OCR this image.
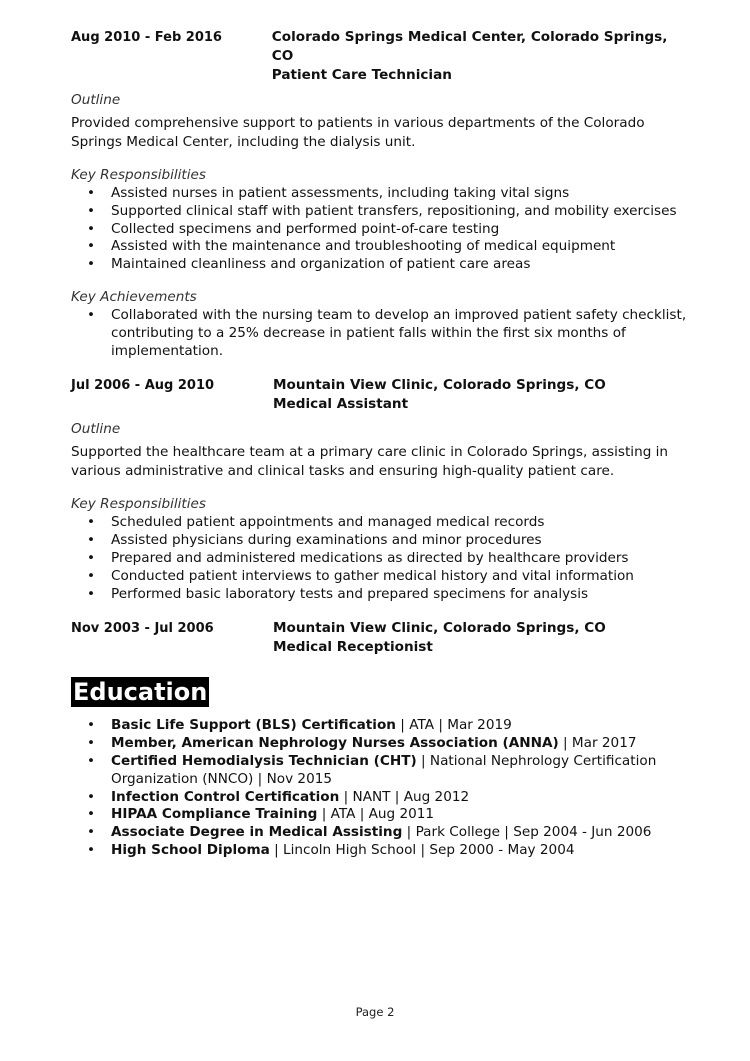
Aug 2010 - Feb 2016	Colorado Springs Medical Center, Colorado Springs, CO
Patient Care Technician
Outline

Provided comprehensive support to patients in various departments of the Colorado Springs Medical Center, including the dialysis unit.

Key Responsibilities
• Assisted nurses in patient assessments, including taking vital signs
• Supported clinical staff with patient transfers, repositioning, and mobility exercises
• Collected specimens and performed point-of-care testing
• Assisted with the maintenance and troubleshooting of medical equipment
• Maintained cleanliness and organization of patient care areas
Key Achievements
• Collaborated with the nursing team to develop an improved patient safety checklist, contributing to a 25% decrease in patient falls within the first six months of implementation.
Jul 2006 - Aug 2010	Mountain View Clinic, Colorado Springs, CO
Medical Assistant
Outline

Supported the healthcare team at a primary care clinic in Colorado Springs, assisting in various administrative and clinical tasks and ensuring high-quality patient care.

Key Responsibilities
• Scheduled patient appointments and managed medical records
• Assisted physicians during examinations and minor procedures
• Prepared and administered medications as directed by healthcare providers
• Conducted patient interviews to gather medical history and vital information
• Performed basic laboratory tests and prepared specimens for analysis
Nov 2003 - Jul 2006	Mountain View Clinic, Colorado Springs, CO
Medical Receptionist
Education
• Basic Life Support (BLS) Certification | ATA | Mar 2019
• Member, American Nephrology Nurses Association (ANNA) | Mar 2017
• Certified Hemodialysis Technician (CHT) | National Nephrology Certification Organization (NNCO) | Nov 2015
• Infection Control Certification | NANT | Aug 2012
• HIPAA Compliance Training | ATA | Aug 2011
• Associate Degree in Medical Assisting | Park College | Sep 2004 - Jun 2006
• High School Diploma | Lincoln High School | Sep 2000 - May 2004
Page 2
